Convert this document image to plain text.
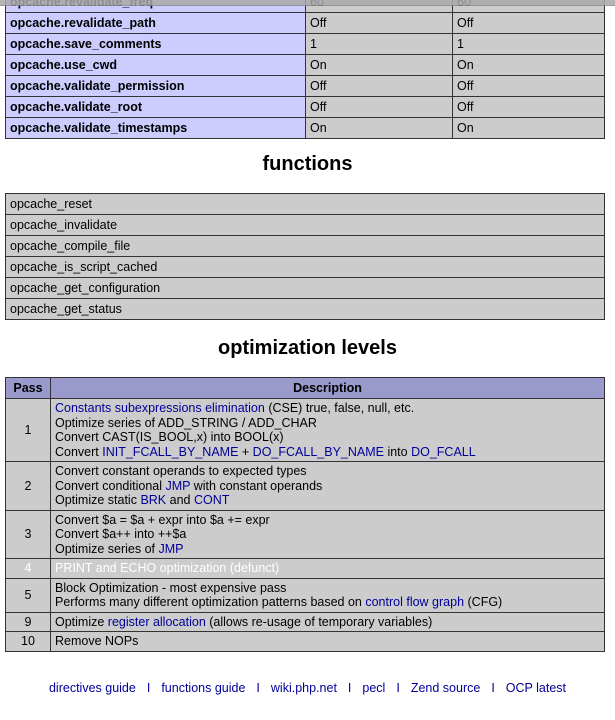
opcache.revalidate_path	Off	Off
opcache.save_comments	1	1
opcache.use_cwd	On	On
opcache.validate_permission	Off	Off
opcache.validate_root	Off	Off
opcache.validate_timestamps	On	On
functions
opcache_reset
opcache_invalidate
opcache_compile_file
opcache_is_script_cached
opcache_get_configuration
opcache_get_status
optimization levels
Pass	Description
1	
Constants subexpressions elimination (CSE) true, false, null, etc.
Optimize series of ADD_STRING / ADD_CHAR
Convert CAST(IS_BOOL,x) into BOOL(x)
Convert INIT_FCALL_BY_NAME + DO_FCALL_BY_NAME into DO_FCALL

2	
Convert constant operands to expected types
Convert conditional JMP with constant operands
Optimize static BRK and CONT

3	
Convert $a = $a + expr into $a += expr
Convert $a++ into ++$a
Optimize series of JMP

4	PRINT and ECHO optimization (defunct)

5	
Block Optimization - most expensive pass
Performs many different optimization patterns based on control flow graph (CFG)

9	Optimize register allocation (allows re-usage of temporary variables)

10	Remove NOPs
directives guide I functions guide I wiki.php.net I pecl I Zend source I OCP latest
